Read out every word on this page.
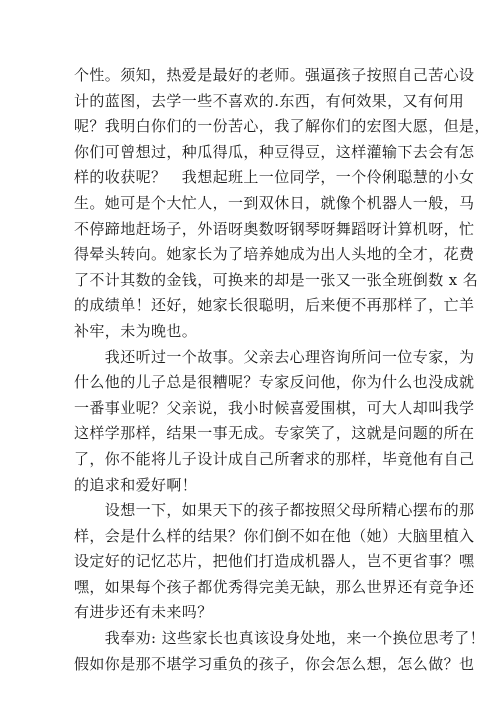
个性。须知，热爱是最好的老师。强逼孩子按照自己苦心设
计的蓝图，去学一些不喜欢的.东西，有何效果，又有何用
呢？我明白你们的一份苦心，我了解你们的宏图大愿，但是，
你们可曾想过，种瓜得瓜，种豆得豆，这样灌输下去会有怎
样的收获呢？　我想起班上一位同学，一个伶俐聪慧的小女
生。她可是个大忙人，一到双休日，就像个机器人一般，马
不停蹄地赶场子，外语呀奥数呀钢琴呀舞蹈呀计算机呀，忙
得晕头转向。她家长为了培养她成为出人头地的全才，花费
了不计其数的金钱，可换来的却是一张又一张全班倒数 x 名
的成绩单！还好，她家长很聪明，后来便不再那样了，亡羊
补牢，未为晚也。
　　我还听过一个故事。父亲去心理咨询所问一位专家，为
什么他的儿子总是很糟呢？专家反问他，你为什么也没成就
一番事业呢？父亲说，我小时候喜爱围棋，可大人却叫我学
这样学那样，结果一事无成。专家笑了，这就是问题的所在
了，你不能将儿子设计成自己所奢求的那样，毕竟他有自己
的追求和爱好啊！
　　设想一下，如果天下的孩子都按照父母所精心摆布的那
样，会是什么样的结果？你们倒不如在他（她）大脑里植入
设定好的记忆芯片，把他们打造成机器人，岂不更省事？嘿
嘿，如果每个孩子都优秀得完美无缺，那么世界还有竞争还
有进步还有未来吗？
　　我奉劝: 这些家长也真该设身处地，来一个换位思考了！
假如你是那不堪学习重负的孩子，你会怎么想，怎么做？也
